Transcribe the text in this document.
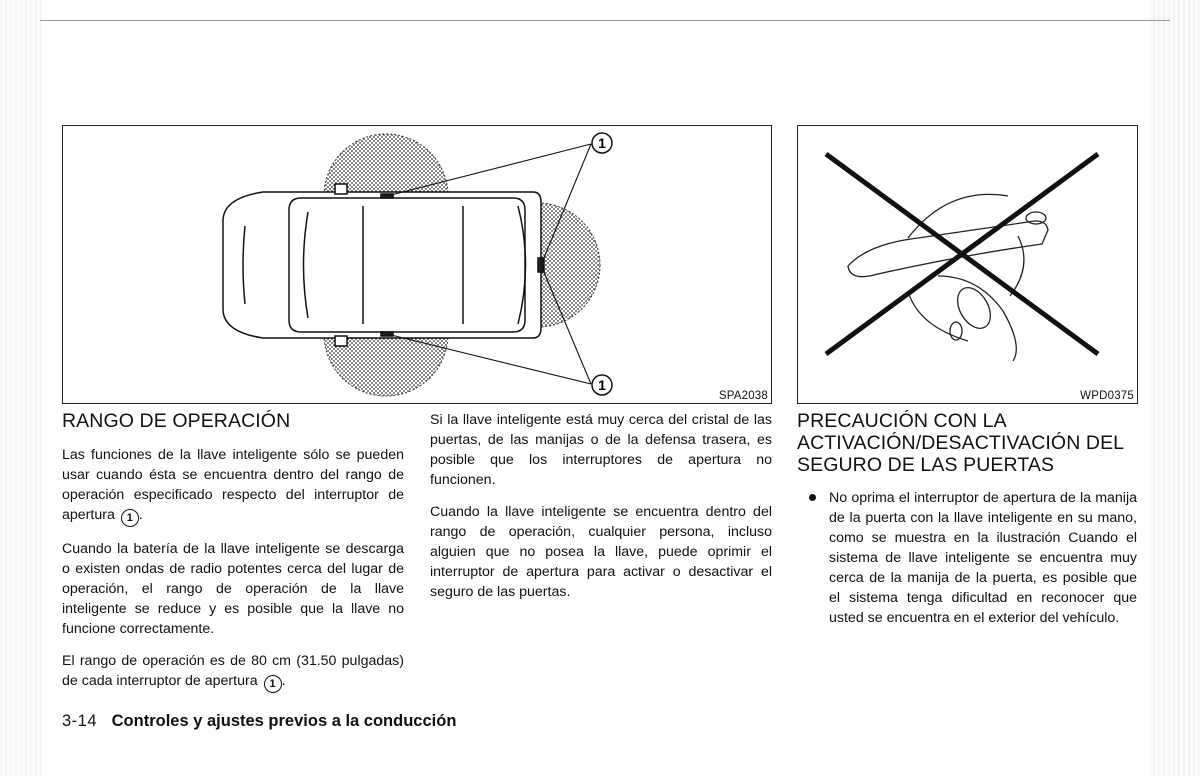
1
1
SPA2038	WPD0375
RANGO DE OPERACIÓN

Las funciones de la llave inteligente sólo se pueden usar cuando ésta se encuentra dentro del rango de operación especificado respecto del interruptor de apertura 1 .

Cuando la batería de la llave inteligente se descarga o existen ondas de radio potentes cerca del lugar de operación, el rango de operación de la llave inteligente se reduce y es posible que la llave no funcione correctamente.

El rango de operación es de 80 cm (31.50 pulgadas) de cada interruptor de apertura 1 .

Si la llave inteligente está muy cerca del cristal de las puertas, de las manijas o de la defensa trasera, es posible que los interruptores de apertura no funcionen.

Cuando la llave inteligente se encuentra dentro del rango de operación, cualquier persona, incluso alguien que no posea la llave, puede oprimir el interruptor de apertura para activar o desactivar el seguro de las puertas.

PRECAUCIÓN CON LA ACTIVACIÓN/DESACTIVACIÓN DEL SEGURO DE LAS PUERTAS

No oprima el interruptor de apertura de la manija de la puerta con la llave inteligente en su mano, como se muestra en la ilustración Cuando el sistema de llave inteligente se encuentra muy cerca de la manija de la puerta, es posible que el sistema tenga dificultad en reconocer que usted se encuentra en el exterior del vehículo.

3-14 Controles y ajustes previos a la conducción
